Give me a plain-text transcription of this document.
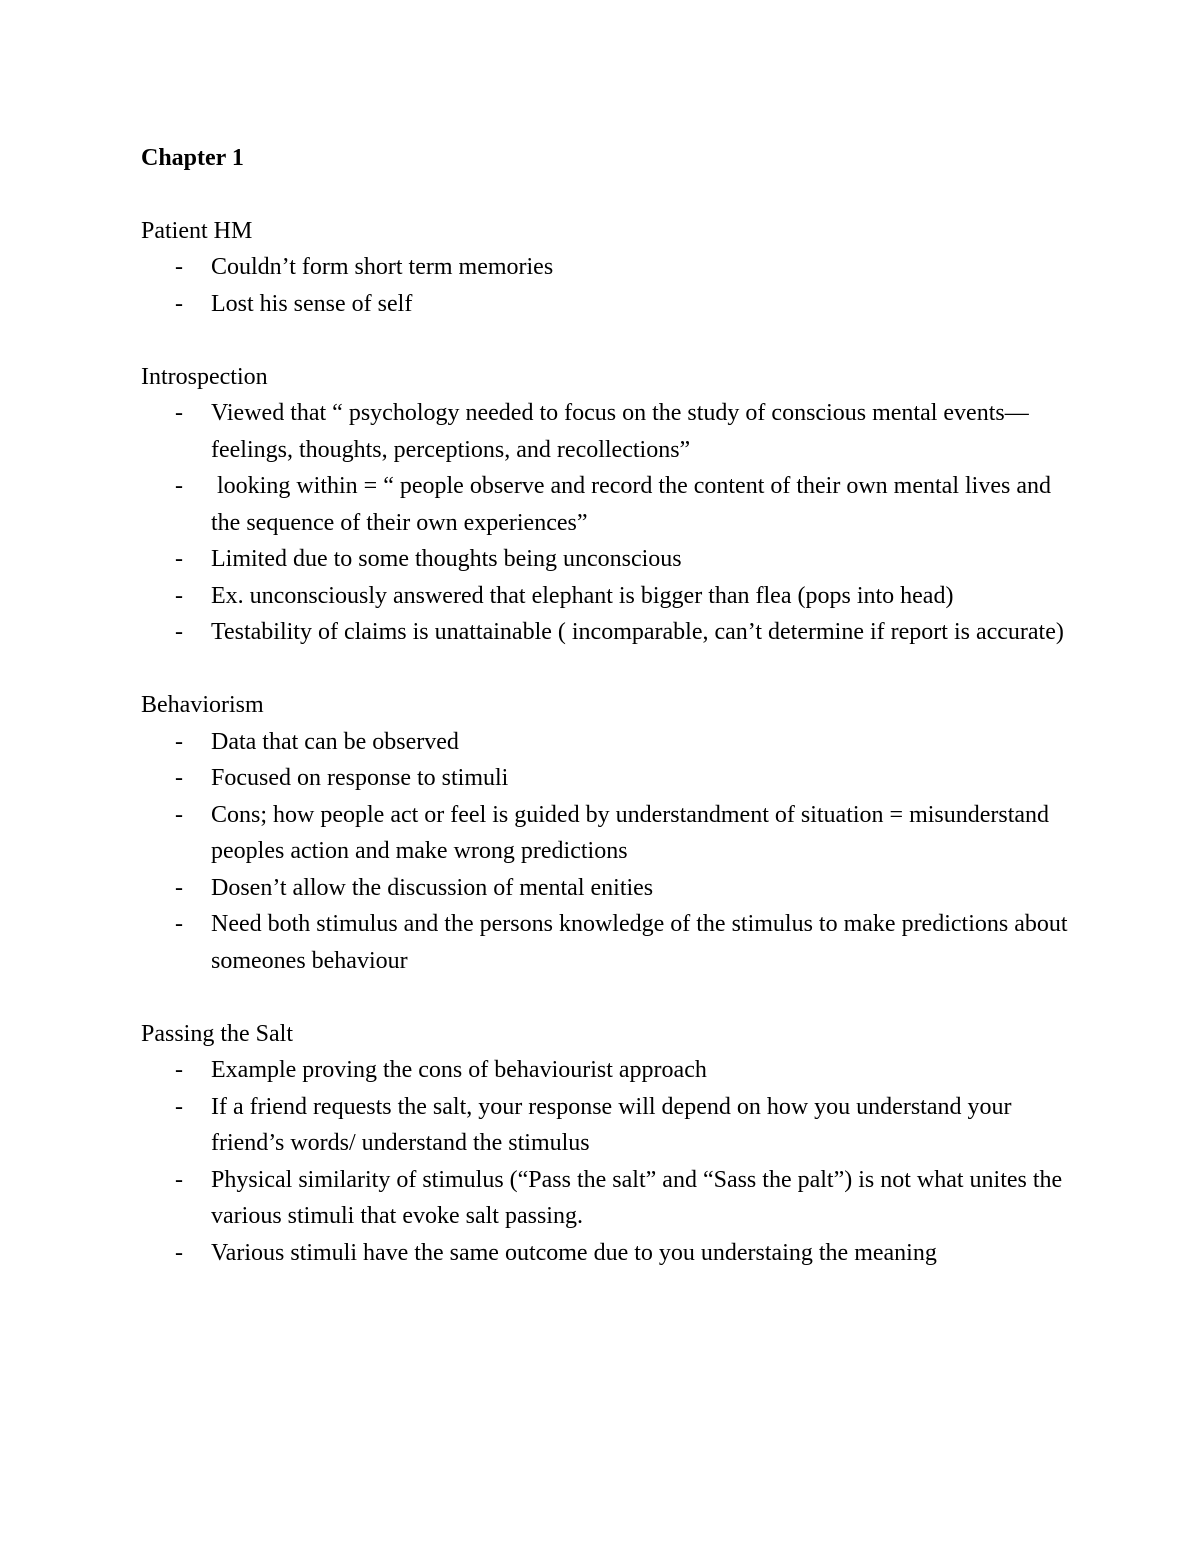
Chapter 1
Patient HM
- Couldn’t form short term memories
- Lost his sense of self
Introspection
- Viewed that “ psychology needed to focus on the study of conscious mental events—feelings, thoughts, perceptions, and recollections”
- looking within = “ people observe and record the content of their own mental lives and the sequence of their own experiences”
- Limited due to some thoughts being unconscious
- Ex. unconsciously answered that elephant is bigger than flea (pops into head)
- Testability of claims is unattainable ( incomparable, can’t determine if report is accurate)
Behaviorism
- Data that can be observed
- Focused on response to stimuli
- Cons; how people act or feel is guided by understandment of situation = misunderstand peoples action and make wrong predictions
- Dosen’t allow the discussion of mental enities
- Need both stimulus and the persons knowledge of the stimulus to make predictions about someones behaviour
Passing the Salt
- Example proving the cons of behaviourist approach
- If a friend requests the salt, your response will depend on how you understand your friend’s words/ understand the stimulus
- Physical similarity of stimulus (“Pass the salt” and “Sass the palt”) is not what unites the various stimuli that evoke salt passing.
- Various stimuli have the same outcome due to you understaing the meaning
